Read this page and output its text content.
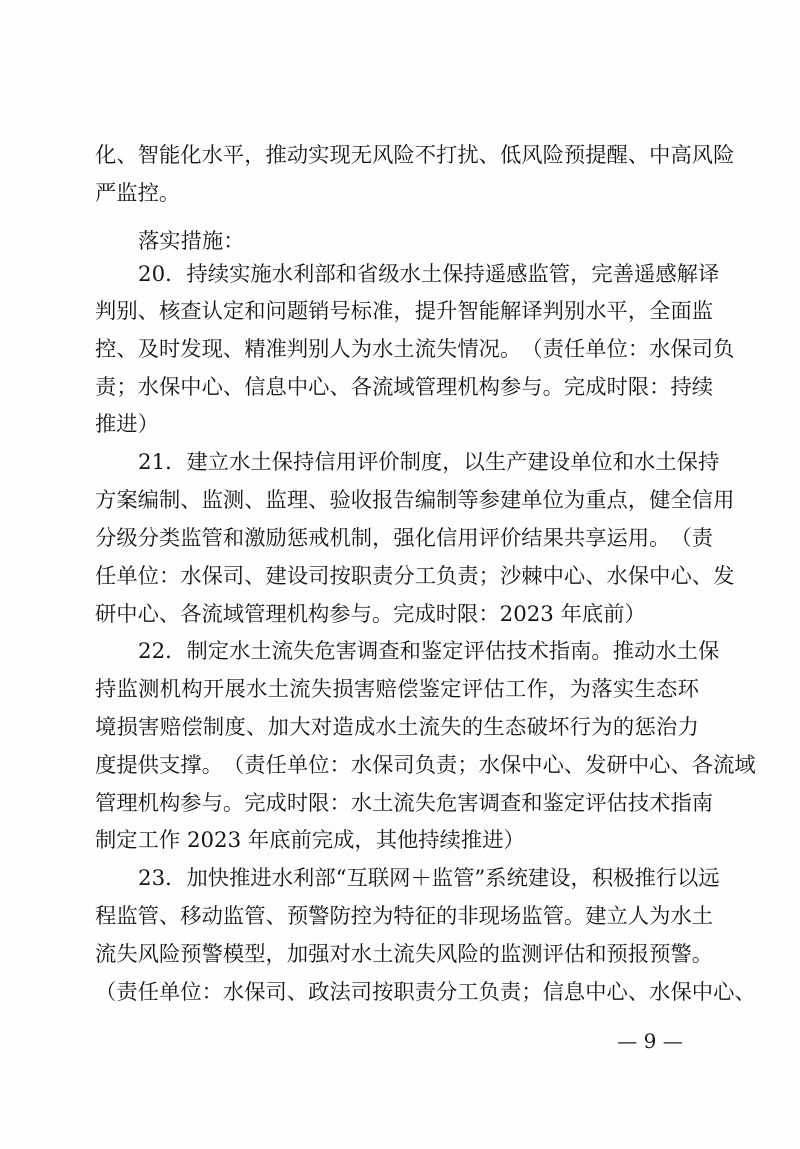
化 、 智 能 化 水 平 ， 推 动 实 现 无 风 险 不 打 扰 、 低 风 险 预 提 醒 、 中 高 风 险
严监控。
落实措施：
2 0 ． 持 续 实 施 水 利 部 和 省 级 水 土 保 持 遥 感 监 管 ， 完 善 遥 感 解 译
判 别 、 核 查 认 定 和 问 题 销 号 标 准 ， 提 升 智 能 解 译 判 别 水 平 ， 全 面 监
控 、 及 时 发 现 、 精 准 判 别 人 为 水 土 流 失 情 况 。 （ 责 任 单 位 ： 水 保 司 负
责 ； 水 保 中 心 、 信 息 中 心 、 各 流 域 管 理 机 构 参 与 。 完 成 时 限 ： 持 续
推进）
2 1 ． 建 立 水 土 保 持 信 用 评 价 制 度 ， 以 生 产 建 设 单 位 和 水 土 保 持
方 案 编 制 、 监 测 、 监 理 、 验 收 报 告 编 制 等 参 建 单 位 为 重 点 ， 健 全 信 用
分 级 分 类 监 管 和 激 励 惩 戒 机 制 ， 强 化 信 用 评 价 结 果 共 享 运 用 。 （ 责
任 单 位 ： 水 保 司 、 建 设 司 按 职 责 分 工 负 责 ； 沙 棘 中 心 、 水 保 中 心 、 发
研中心、各流域管理机构参与。完成时限：2023 年底前）
2 2 ． 制 定 水 土 流 失 危 害 调 查 和 鉴 定 评 估 技 术 指 南 。 推 动 水 土 保
持 监 测 机 构 开 展 水 土 流 失 损 害 赔 偿 鉴 定 评 估 工 作 ， 为 落 实 生 态 环
境 损 害 赔 偿 制 度 、 加 大 对 造 成 水 土 流 失 的 生 态 破 坏 行 为 的 惩 治 力
度 提 供 支 撑 。 （ 责 任 单 位 ： 水 保 司 负 责 ； 水 保 中 心 、 发 研 中 心 、 各 流 域
管 理 机 构 参 与 。 完 成 时 限 ： 水 土 流 失 危 害 调 查 和 鉴 定 评 估 技 术 指 南
制定工作 2023 年底前完成，其他持续推进）
2 3 ． 加 快 推 进 水 利 部 “ 互 联 网 ＋ 监 管 ” 系 统 建 设 ， 积 极 推 行 以 远
程 监 管 、 移 动 监 管 、 预 警 防 控 为 特 征 的 非 现 场 监 管 。 建 立 人 为 水 土
流 失 风 险 预 警 模 型 ， 加 强 对 水 土 流 失 风 险 的 监 测 评 估 和 预 报 预 警 。
（ 责 任 单 位 ： 水 保 司 、 政 法 司 按 职 责 分 工 负 责 ； 信 息 中 心 、 水 保 中 心 、
— 9 —
